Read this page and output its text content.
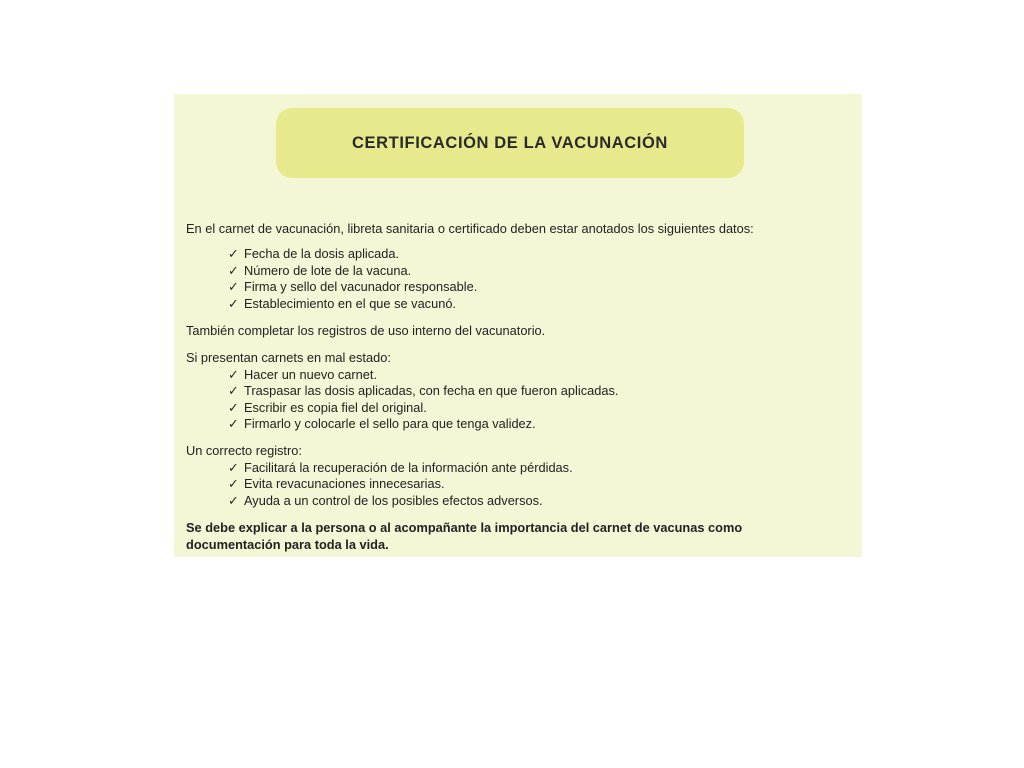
CERTIFICACIÓN DE LA VACUNACIÓN

En el carnet de vacunación, libreta sanitaria o certificado deben estar anotados los siguientes datos:

✓ Fecha de la dosis aplicada.
✓ Número de lote de la vacuna.
✓ Firma y sello del vacunador responsable.
✓ Establecimiento en el que se vacunó.

También completar los registros de uso interno del vacunatorio.

Si presentan carnets en mal estado:

✓ Hacer un nuevo carnet.
✓ Traspasar las dosis aplicadas, con fecha en que fueron aplicadas.
✓ Escribir es copia fiel del original.
✓ Firmarlo y colocarle el sello para que tenga validez.

Un correcto registro:

✓ Facilitará la recuperación de la información ante pérdidas.
✓ Evita revacunaciones innecesarias.
✓ Ayuda a un control de los posibles efectos adversos.

Se debe explicar a la persona o al acompañante la importancia del carnet de vacunas como

documentación para toda la vida.
